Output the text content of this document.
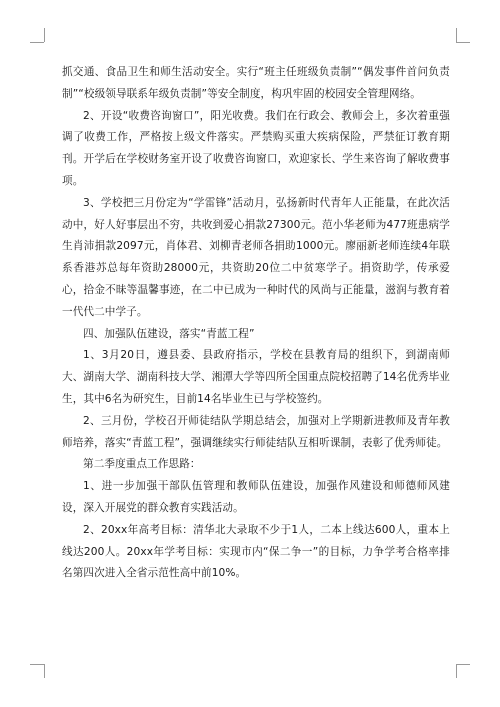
抓交通、食品卫生和师生活动安全。实行“班主任班级负责制”“偶发事件首问负责制”“校级领导联系年级负责制”等安全制度，构巩牢固的校园安全管理网络。

2、开设“收费咨询窗口”，阳光收费。我们在行政会、教师会上，多次着重强调了收费工作，严格按上级文件落实。严禁购买重大疾病保险，严禁征订教育期刊。开学后在学校财务室开设了收费咨询窗口，欢迎家长、学生来咨询了解收费事项。

3、学校把三月份定为“学雷锋”活动月，弘扬新时代青年人正能量，在此次活动中，好人好事层出不穷，共收到爱心捐款27300元。范小华老师为477班患病学生肖沛捐款2097元，肖体君、刘柳青老师各捐助1000元。廖丽新老师连续4年联系香港苏总每年资助28000元，共资助20位二中贫寒学子。捐资助学，传承爱心，拾金不昧等温馨事迹，在二中已成为一种时代的风尚与正能量，滋润与教育着一代代二中学子。

四、加强队伍建设，落实“青蓝工程”

1、3月20日，遵县委、县政府指示，学校在县教育局的组织下，到湖南师大、湖南大学、湖南科技大学、湘潭大学等四所全国重点院校招聘了14名优秀毕业生，其中6名为研究生，目前14名毕业生已与学校签约。

2、三月份，学校召开师徒结队学期总结会，加强对上学期新进教师及青年教师培养，落实“青蓝工程”，强调继续实行师徒结队互相听课制，表彰了优秀师徒。

第二季度重点工作思路：

1、进一步加强干部队伍管理和教师队伍建设，加强作风建设和师德师风建设，深入开展党的群众教育实践活动。

2、20xx年高考目标：清华北大录取不少于1人，二本上线达600人，重本上线达200人。20xx年学考目标：实现市内“保二争一”的目标，力争学考合格率排名第四次进入全省示范性高中前10%。
